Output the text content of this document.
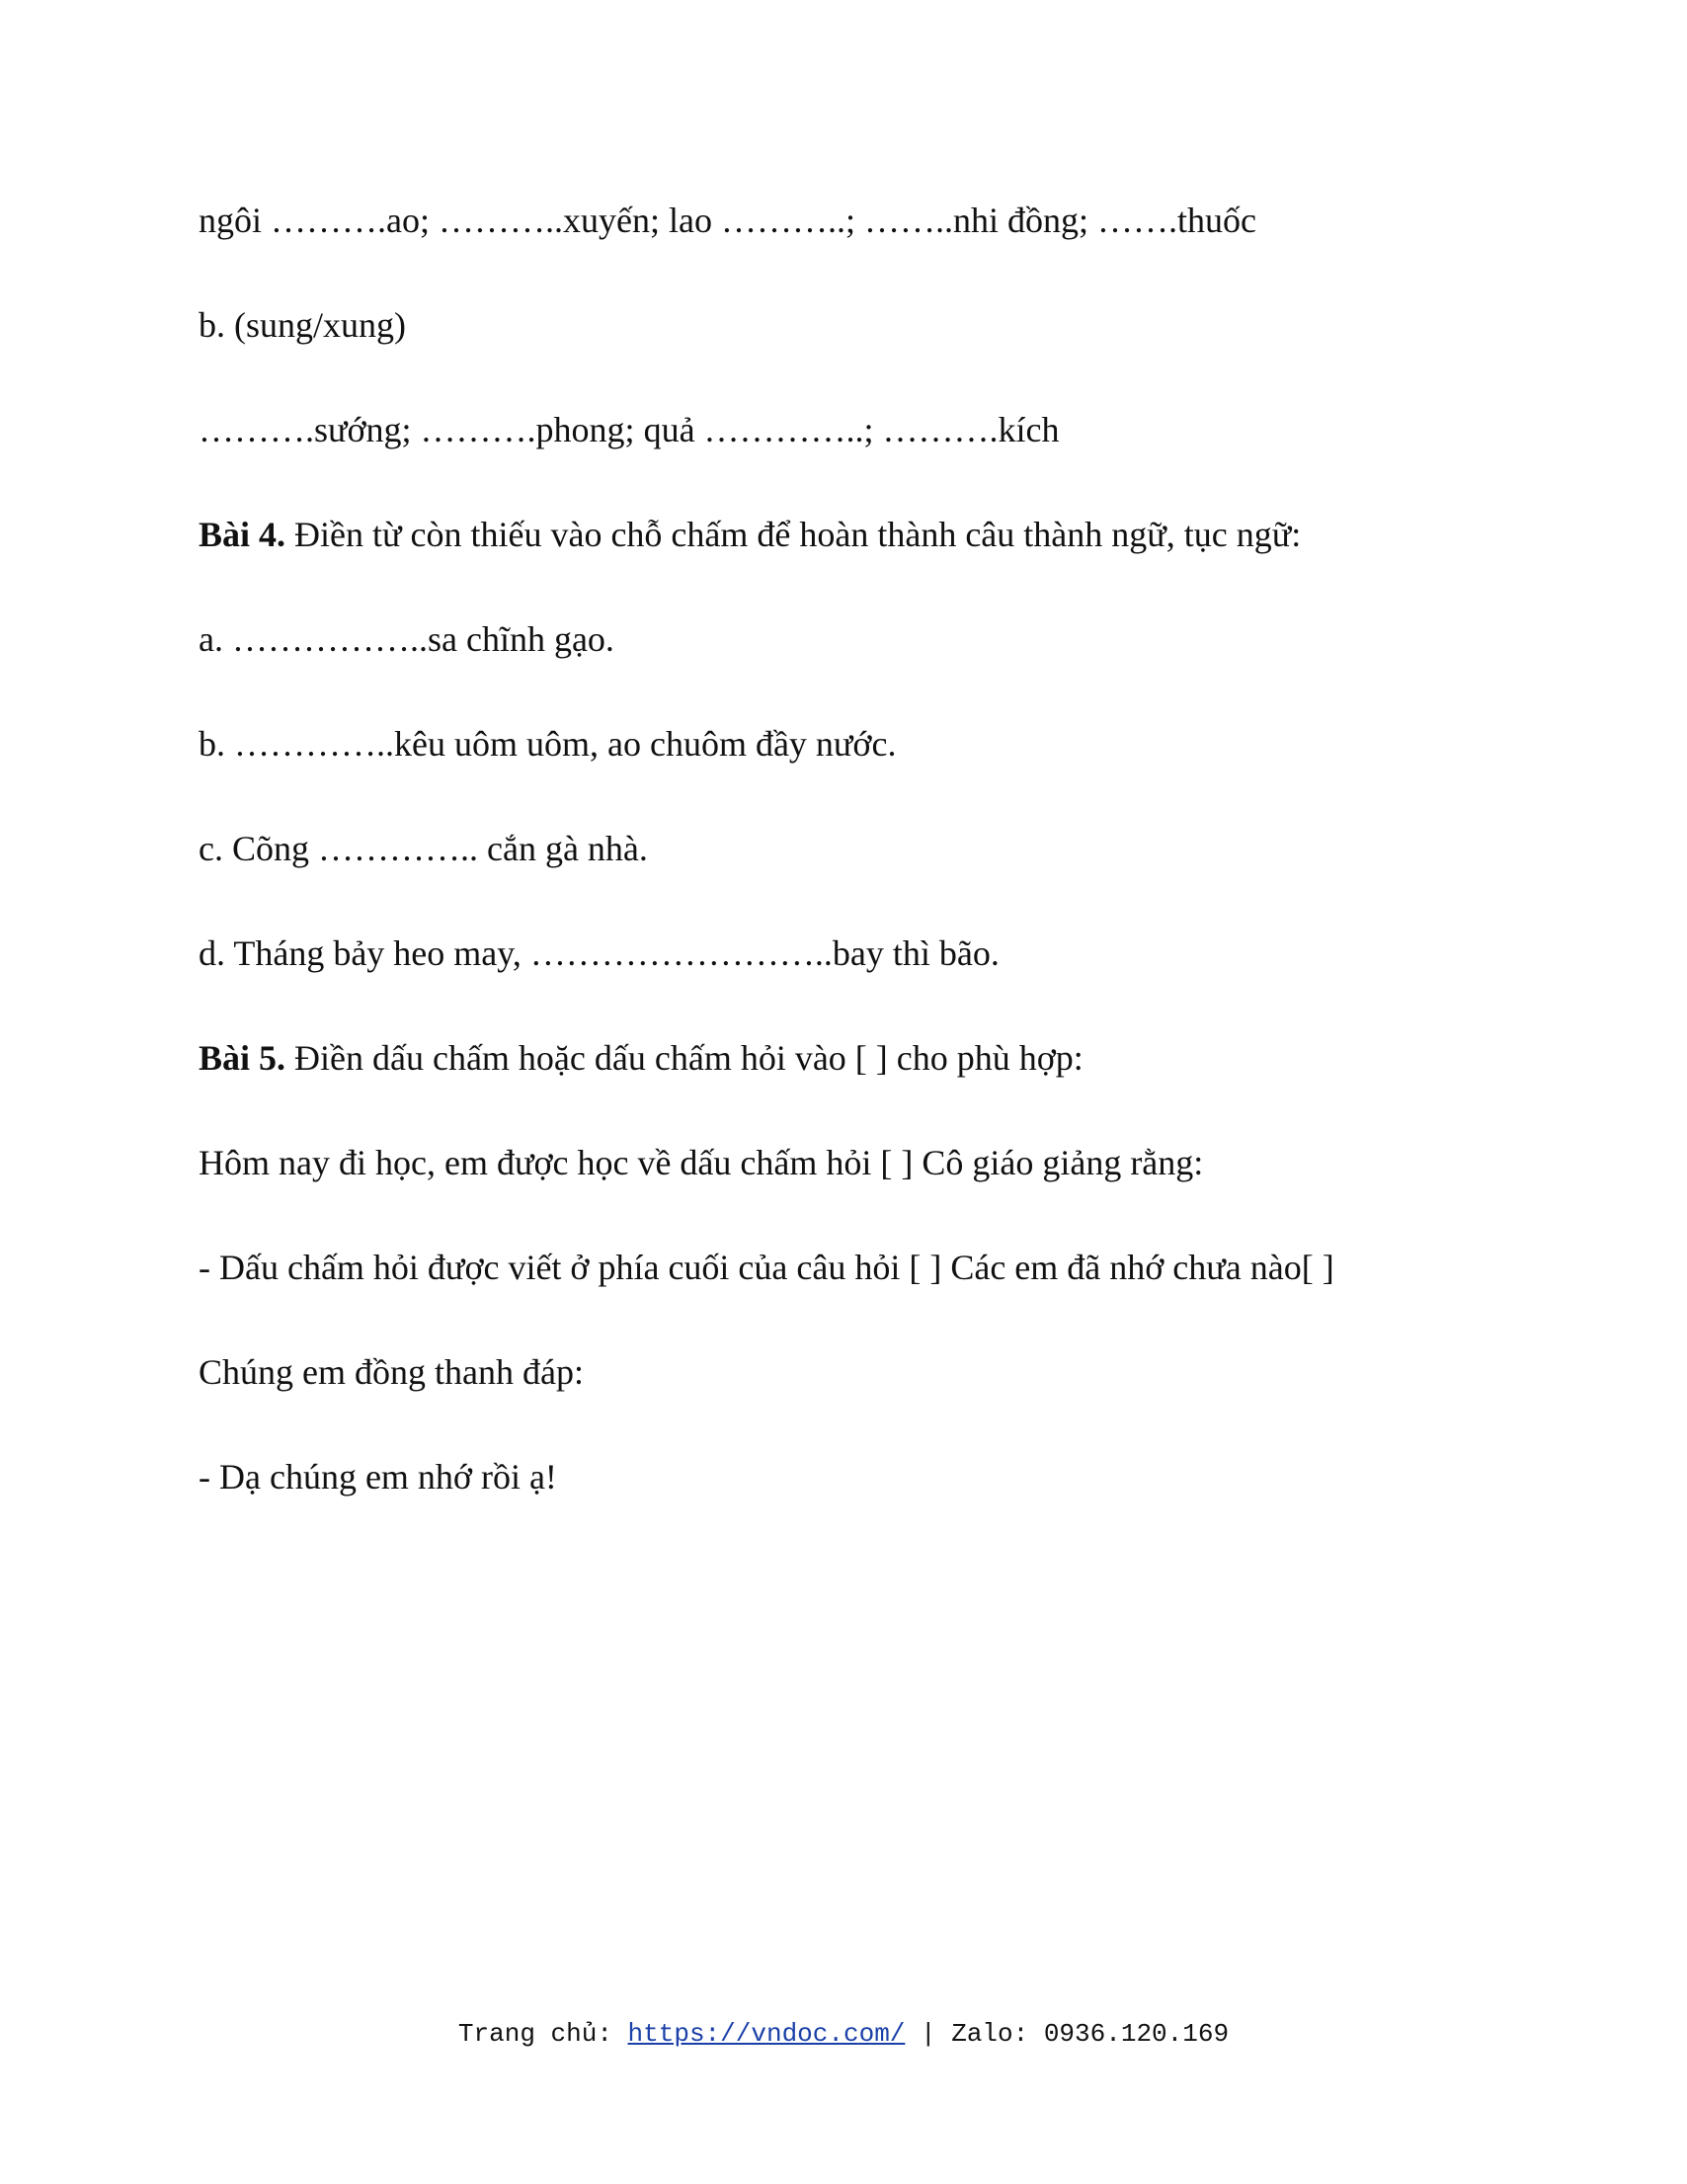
ngôi ……….ao; ………..xuyến; lao ………..; ……..nhi đồng; …….thuốc

b. (sung/xung)

……….sướng; ……….phong; quả …………..; ……….kích

Bài 4. Điền từ còn thiếu vào chỗ chấm để hoàn thành câu thành ngữ, tục ngữ:

a. ……………..sa chĩnh gạo.

b. …………..kêu uôm uôm, ao chuôm đầy nước.

c. Cõng ………….. cắn gà nhà.

d. Tháng bảy heo may, ……………………..bay thì bão.

Bài 5. Điền dấu chấm hoặc dấu chấm hỏi vào [ ] cho phù hợp:

Hôm nay đi học, em được học về dấu chấm hỏi [ ] Cô giáo giảng rằng:

- Dấu chấm hỏi được viết ở phía cuối của câu hỏi [ ] Các em đã nhớ chưa nào[ ]

Chúng em đồng thanh đáp:

- Dạ chúng em nhớ rồi ạ!

Trang chủ: https://vndoc.com/ | Zalo: 0936.120.169
